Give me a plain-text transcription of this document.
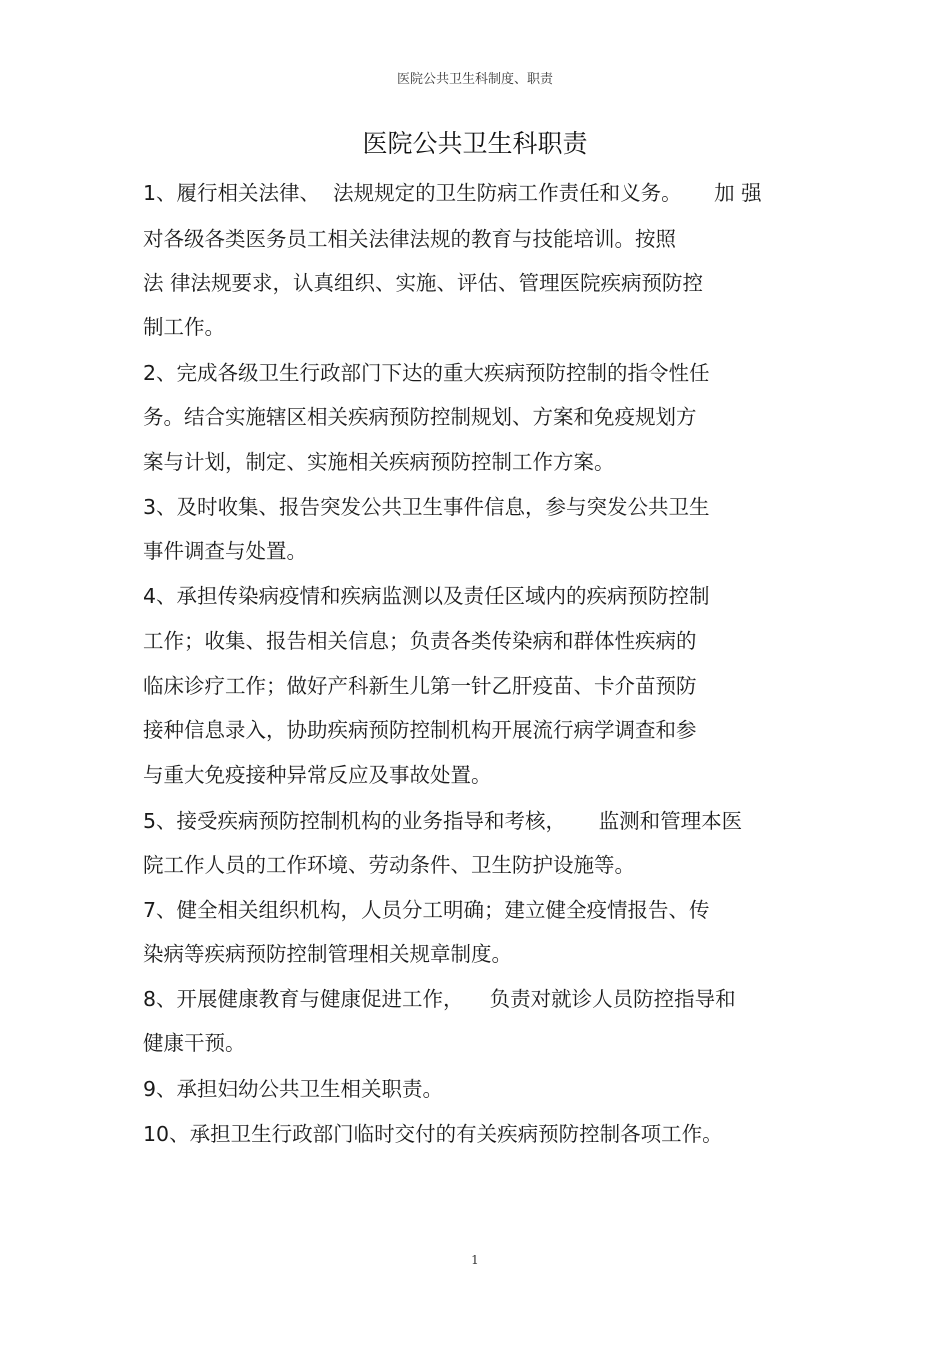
医院公共卫生科制度、职责
医院公共卫生科职责
1、履行相关法律、  法规规定的卫生防病工作责任和义务。     加 强
对各级各类医务员工相关法律法规的教育与技能培训。按照
法 律法规要求，认真组织、实施、评估、管理医院疾病预防控
制工作。
2、完成各级卫生行政部门下达的重大疾病预防控制的指令性任
务。结合实施辖区相关疾病预防控制规划、方案和免疫规划方
案与计划，制定、实施相关疾病预防控制工作方案。
3、及时收集、报告突发公共卫生事件信息，参与突发公共卫生
事件调查与处置。
4、承担传染病疫情和疾病监测以及责任区域内的疾病预防控制
工作；收集、报告相关信息；负责各类传染病和群体性疾病的
临床诊疗工作；做好产科新生儿第一针乙肝疫苗、卡介苗预防
接种信息录入，协助疾病预防控制机构开展流行病学调查和参
与重大免疫接种异常反应及事故处置。
5、接受疾病预防控制机构的业务指导和考核，     监测和管理本医
院工作人员的工作环境、劳动条件、卫生防护设施等。
7、健全相关组织机构，人员分工明确；建立健全疫情报告、传
染病等疾病预防控制管理相关规章制度。
8、开展健康教育与健康促进工作，    负责对就诊人员防控指导和
健康干预。
9、承担妇幼公共卫生相关职责。
10、承担卫生行政部门临时交付的有关疾病预防控制各项工作。
1
